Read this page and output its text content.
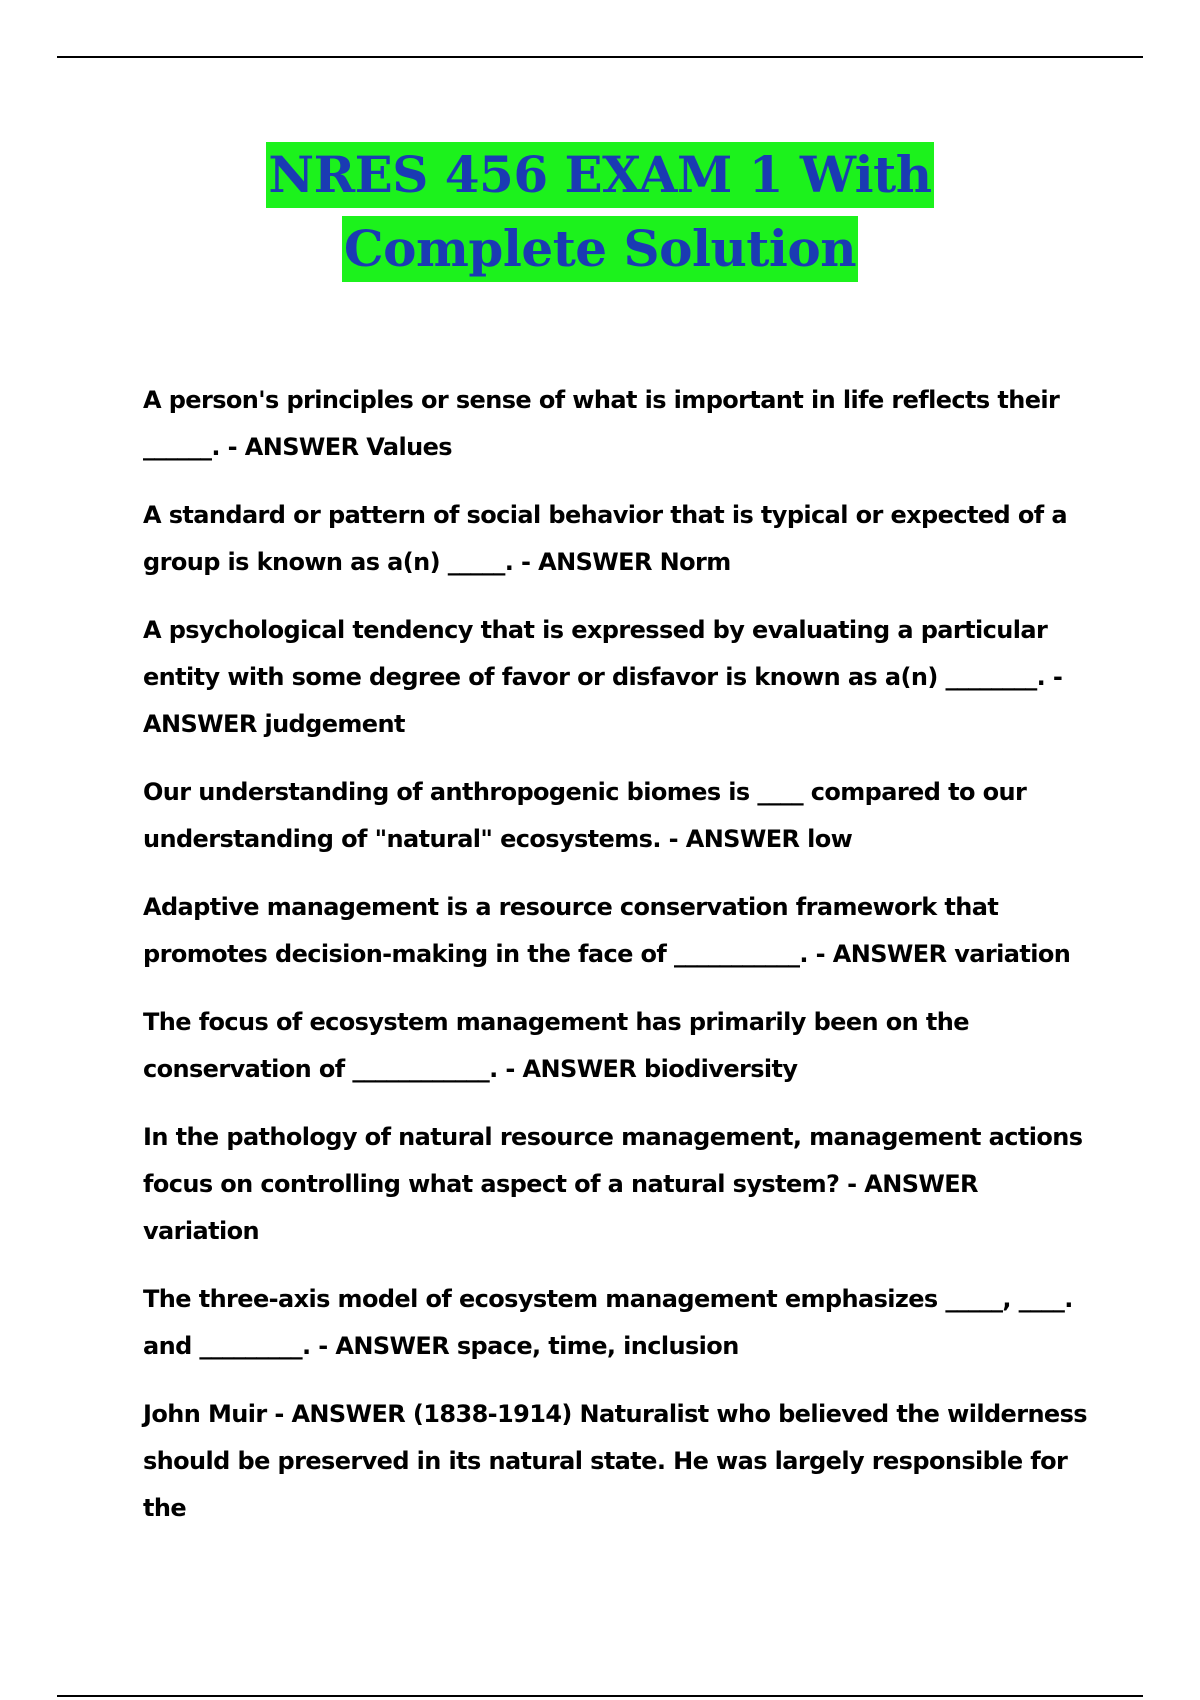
NRES 456 EXAM 1 With
Complete Solution
A person's principles or sense of what is important in life reflects their ______. - ANSWER Values
A standard or pattern of social behavior that is typical or expected of a group is known as a(n) _____. - ANSWER Norm
A psychological tendency that is expressed by evaluating a particular entity with some degree of favor or disfavor is known as a(n) ________. - ANSWER judgement
Our understanding of anthropogenic biomes is ____ compared to our understanding of "natural" ecosystems. - ANSWER low
Adaptive management is a resource conservation framework that promotes decision-making in the face of ___________. - ANSWER variation
The focus of ecosystem management has primarily been on the conservation of ____________. - ANSWER biodiversity
In the pathology of natural resource management, management actions focus on controlling what aspect of a natural system? - ANSWER variation
The three-axis model of ecosystem management emphasizes _____, ____. and _________. - ANSWER space, time, inclusion
John Muir - ANSWER (1838-1914) Naturalist who believed the wilderness should be preserved in its natural state. He was largely responsible for the
